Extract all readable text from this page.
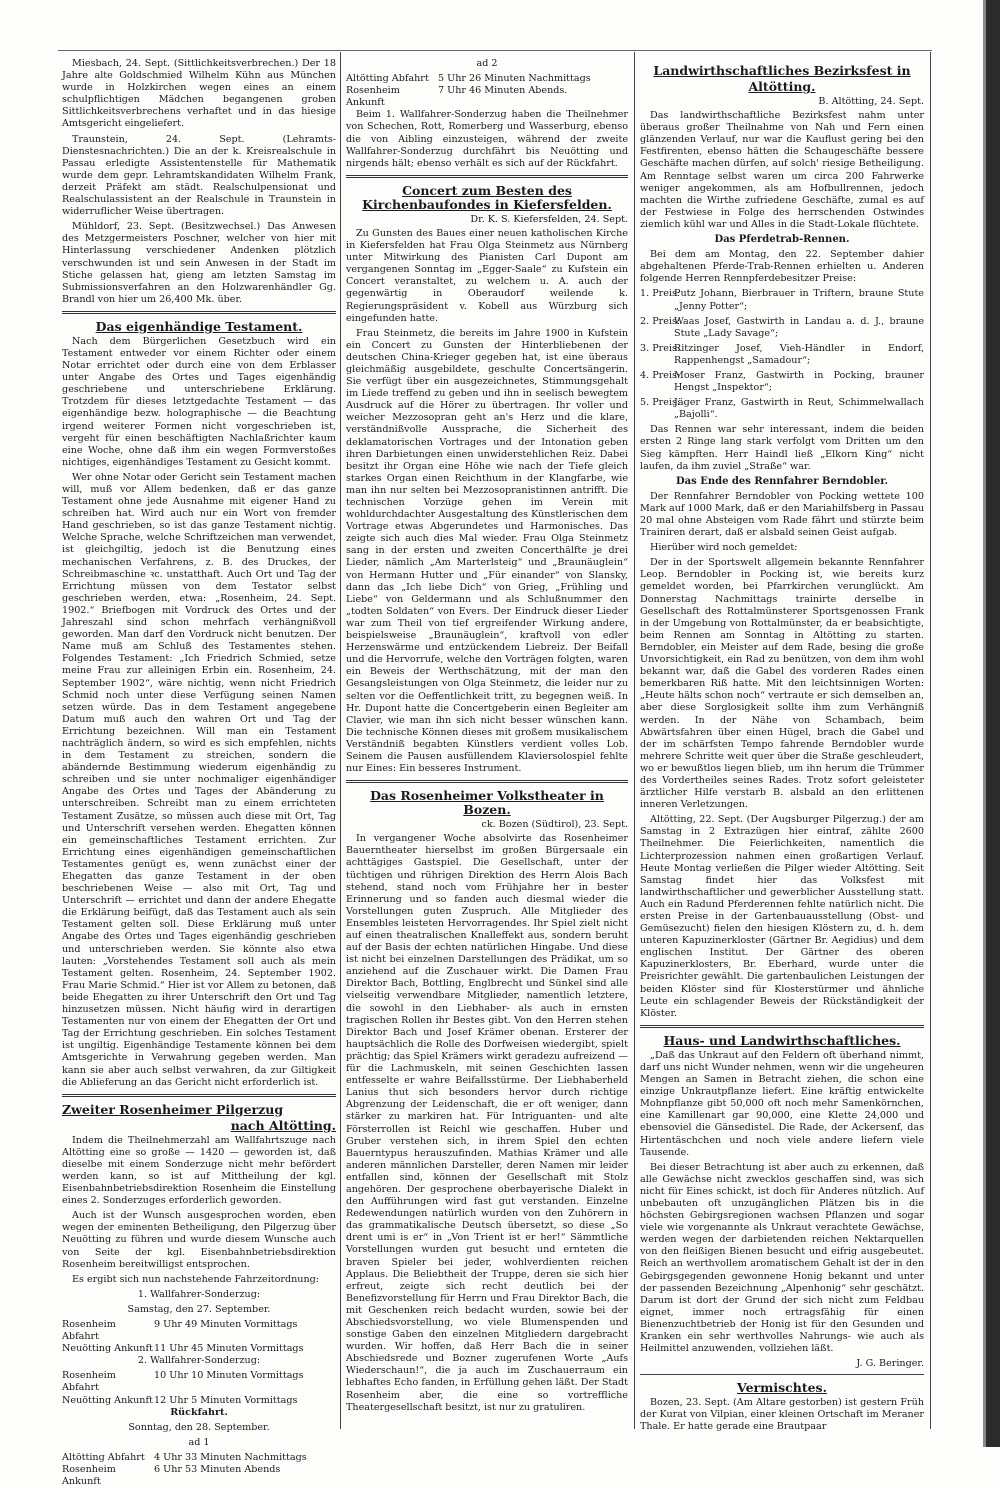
Miesbach, 24. Sept. (Sittlichkeitsverbrechen.) Der 18 Jahre alte Goldschmied Wilhelm Kühn aus München wurde in Holzkirchen wegen eines an einem schulpflichtigen Mädchen begangenen groben Sittlichkeitsverbrechens verhaftet und in das hiesige Amtsgericht eingeliefert.

Traunstein, 24. Sept. (Lehramts-Dienstesnachrichten.) Die an der k. Kreisrealschule in Passau erledigte Assistentenstelle für Mathematik wurde dem gepr. Lehramtskandidaten Wilhelm Frank, derzeit Präfekt am städt. Realschulpensionat und Realschulassistent an der Realschule in Traunstein in widerruflicher Weise übertragen.

Mühldorf, 23. Sept. (Besitzwechsel.) Das Anwesen des Metzgermeisters Poschner, welcher von hier mit Hinterlassung verschiedener Andenken plötzlich verschwunden ist und sein Anwesen in der Stadt im Stiche gelassen hat, gieng am letzten Samstag im Submissionsverfahren an den Holzwarenhändler Gg. Brandl von hier um 26,400 Mk. über.

Das eigenhändige Testament.

Nach dem Bürgerlichen Gesetzbuch wird ein Testament entweder vor einem Richter oder einem Notar errichtet oder durch eine von dem Erblasser unter Angabe des Ortes und Tages eigenhändig geschriebene und unterschriebene Erklärung. Trotzdem für dieses letztgedachte Testament — das eigenhändige bezw. holographische — die Beachtung irgend weiterer Formen nicht vorgeschrieben ist, vergeht für einen beschäftigten Nachlaßrichter kaum eine Woche, ohne daß ihm ein wegen Formverstoßes nichtiges, eigenhändiges Testament zu Gesicht kommt.

Wer ohne Notar oder Gericht sein Testament machen will, muß vor Allem bedenken, daß er das ganze Testament ohne jede Ausnahme mit eigener Hand zu schreiben hat. Wird auch nur ein Wort von fremder Hand geschrieben, so ist das ganze Testament nichtig. Welche Sprache, welche Schriftzeichen man verwendet, ist gleichgiltig, jedoch ist die Benutzung eines mechanischen Verfahrens, z. B. des Druckes, der Schreibmaschine ꝛc. unstatthaft. Auch Ort und Tag der Errichtung müssen von dem Testator selbst geschrieben werden, etwa: „Rosenheim, 24. Sept. 1902.“ Briefbogen mit Vordruck des Ortes und der Jahreszahl sind schon mehrfach verhängnißvoll geworden. Man darf den Vordruck nicht benutzen. Der Name muß am Schluß des Testamentes stehen. Folgendes Testament: „Ich Friedrich Schmied, setze meine Frau zur alleinigen Erbin ein. Rosenheim, 24. September 1902“, wäre nichtig, wenn nicht Friedrich Schmid noch unter diese Verfügung seinen Namen setzen würde. Das in dem Testament angegebene Datum muß auch den wahren Ort und Tag der Errichtung bezeichnen. Will man ein Testament nachträglich ändern, so wird es sich empfehlen, nichts in dem Testament zu streichen, sondern die abändernde Bestimmung wiederum eigenhändig zu schreiben und sie unter nochmaliger eigenhändiger Angabe des Ortes und Tages der Abänderung zu unterschreiben. Schreibt man zu einem errichteten Testament Zusätze, so müssen auch diese mit Ort, Tag und Unterschrift versehen werden. Ehegatten können ein gemeinschaftliches Testament errichten. Zur Errichtung eines eigenhändigen gemeinschaftlichen Testamentes genügt es, wenn zunächst einer der Ehegatten das ganze Testament in der oben beschriebenen Weise — also mit Ort, Tag und Unterschrift — errichtet und dann der andere Ehegatte die Erklärung beifügt, daß das Testament auch als sein Testament gelten soll. Diese Erklärung muß unter Angabe des Ortes und Tages eigenhändig geschrieben und unterschrieben werden. Sie könnte also etwa lauten: „Vorstehendes Testament soll auch als mein Testament gelten. Rosenheim, 24. September 1902. Frau Marie Schmid.“ Hier ist vor Allem zu betonen, daß beide Ehegatten zu ihrer Unterschrift den Ort und Tag hinzusetzen müssen. Nicht häufig wird in derartigen Testamenten nur von einem der Ehegatten der Ort und Tag der Errichtung geschrieben. Ein solches Testament ist ungiltig. Eigenhändige Testamente können bei dem Amtsgerichte in Verwahrung gegeben werden. Man kann sie aber auch selbst verwahren, da zur Giltigkeit die Ablieferung an das Gericht nicht erforderlich ist.

Zweiter Rosenheimer Pilgerzug
nach Altötting.

Indem die Theilnehmerzahl am Wallfahrtszuge nach Altötting eine so große — 1420 — geworden ist, daß dieselbe mit einem Sonderzuge nicht mehr befördert werden kann, so ist auf Mittheilung der kgl. Eisenbahnbetriebsdirektion Rosenheim die Einstellung eines 2. Sonderzuges erforderlich geworden.

Auch ist der Wunsch ausgesprochen worden, eben wegen der eminenten Betheiligung, den Pilgerzug über Neuötting zu führen und wurde diesem Wunsche auch von Seite der kgl. Eisenbahnbetriebsdirektion Rosenheim bereitwilligst entsprochen.

Es ergibt sich nun nachstehende Fahrzeitordnung:

1. Wallfahrer-Sonderzug:

Samstag, den 27. September.

Rosenheim Abfahrt
9 Uhr 49 Minuten Vormittags
Neuötting Ankunft 11 Uhr 45 Minuten Vormittags

2. Wallfahrer-Sonderzug:

Rosenheim Abfahrt
10 Uhr 10 Minuten Vormittags
Neuötting Ankunft 12 Uhr 5 Minuten Vormittags

Rückfahrt.

Sonntag, den 28. September.

ad 1

Altötting Abfahrt 4 Uhr 33 Minuten Nachmittags
Rosenheim Ankunft
6 Uhr 53 Minuten Abends

ad 2

Altötting Abfahrt 5 Uhr 26 Minuten Nachmittags
Rosenheim Ankunft
7 Uhr 46 Minuten Abends.

Beim 1. Wallfahrer-Sonderzug haben die Theilnehmer von Schechen, Rott, Romerberg und Wasserburg, ebenso die von Aibling einzusteigen, während der zweite Wallfahrer-Sonderzug durchfährt bis Neuötting und nirgends hält; ebenso verhält es sich auf der Rückfahrt.

Concert zum Besten des Kirchenbaufondes in Kiefersfelden.
Dr. K. S. Kiefersfelden, 24. Sept.

Zu Gunsten des Baues einer neuen katholischen Kirche in Kiefersfelden hat Frau Olga Steinmetz aus Nürnberg unter Mitwirkung des Pianisten Carl Dupont am vergangenen Sonntag im „Egger-Saale“ zu Kufstein ein Concert veranstaltet, zu welchem u. A. auch der gegenwärtig in Oberaudorf weilende k. Regierungspräsident v. Kobell aus Würzburg sich eingefunden hatte.

Frau Steinmetz, die bereits im Jahre 1900 in Kufstein ein Concert zu Gunsten der Hinterbliebenen der deutschen China-Krieger gegeben hat, ist eine überaus gleichmäßig ausgebildete, geschulte Concertsängerin. Sie verfügt über ein ausgezeichnetes, Stimmungsgehalt im Liede treffend zu geben und ihn in seelisch bewegtem Ausdruck auf die Hörer zu übertragen. Ihr voller und weicher Mezzosopran geht an's Herz und die klare, verständnißvolle Aussprache, die Sicherheit des deklamatorischen Vortrages und der Intonation geben ihren Darbietungen einen unwiderstehlichen Reiz. Dabei besitzt ihr Organ eine Höhe wie nach der Tiefe gleich starkes Organ einen Reichthum in der Klangfarbe, wie man ihn nur selten bei Mezzosopranistinnen antrifft. Die technischen Vorzüge gehen im Verein mit wohldurchdachter Ausgestaltung des Künstlerischen dem Vortrage etwas Abgerundetes und Harmonisches. Das zeigte sich auch dies Mal wieder. Frau Olga Steinmetz sang in der ersten und zweiten Concerthälfte je drei Lieder, nämlich „Am Marterlsteig“ und „Braunäuglein“ von Hermann Hutter und „Für einander“ von Slansky, dann das „Ich liebe Dich“ von Grieg, „Frühling und Liebe“ von Geldermann und als Schlußnummer den „todten Soldaten“ von Evers. Der Eindruck dieser Lieder war zum Theil von tief ergreifender Wirkung andere, beispielsweise „Braunäuglein“, kraftvoll von edler Herzenswärme und entzückendem Liebreiz. Der Beifall und die Hervorrufe, welche den Vorträgen folgten, waren ein Beweis der Werthschätzung, mit der man den Gesangsleistungen von Olga Steinmetz, die leider nur zu selten vor die Oeffentlichkeit tritt, zu begegnen weiß. In Hr. Dupont hatte die Concertgeberin einen Begleiter am Clavier, wie man ihn sich nicht besser wünschen kann. Die technische Können dieses mit großem musikalischem Verständniß begabten Künstlers verdient volles Lob. Seinem die Pausen ausfüllendem Klaviersolospiel fehlte nur Eines: Ein besseres Instrument.

Das Rosenheimer Volkstheater in Bozen.
ck. Bozen (Südtirol), 23. Sept.

In vergangener Woche absolvirte das Rosenheimer Bauerntheater hierselbst im großen Bürgersaale ein achttägiges Gastspiel. Die Gesellschaft, unter der tüchtigen und rührigen Direktion des Herrn Alois Bach stehend, stand noch vom Frühjahre her in bester Erinnerung und so fanden auch diesmal wieder die Vorstellungen guten Zuspruch. Alle Mitglieder des Ensembles leisteten Hervorragendes. Ihr Spiel zielt nicht auf einen theatralischen Knalleffekt aus, sondern beruht auf der Basis der echten natürlichen Hingabe. Und diese ist nicht bei einzelnen Darstellungen des Prädikat, um so anziehend auf die Zuschauer wirkt. Die Damen Frau Direktor Bach, Bottling, Englbrecht und Sünkel sind alle vielseitig verwendbare Mitglieder, namentlich letztere, die sowohl in den Liebhaber- als auch in ernsten tragischen Rollen ihr Bestes gibt. Von den Herren stehen Direktor Bach und Josef Krämer obenan. Ersterer der hauptsächlich die Rolle des Dorfweisen wiedergibt, spielt prächtig; das Spiel Krämers wirkt geradezu aufreizend — für die Lachmuskeln, mit seinen Geschichten lassen entfesselte er wahre Beifallsstürme. Der Liebhaberheld Lanius thut sich besonders hervor durch richtige Abgrenzung der Leidenschaft, die er oft weniger, dann stärker zu markiren hat. Für Intriguanten- und alte Försterrollen ist Reichl wie geschaffen. Huber und Gruber verstehen sich, in ihrem Spiel den echten Bauerntypus herauszufinden. Mathias Krämer und alle anderen männlichen Darsteller, deren Namen mir leider entfallen sind, können der Gesellschaft mit Stolz angehören. Der gesprochene oberbayerische Dialekt in den Aufführungen wird fast gut verstanden. Einzelne Redewendungen natürlich wurden von den Zuhörern in das grammatikalische Deutsch übersetzt, so diese „So drent umi is er“ in „Von Trient ist er her!“ Sämmtliche Vorstellungen wurden gut besucht und ernteten die braven Spieler bei jeder, wohlverdienten reichen Applaus. Die Beliebtheit der Truppe, deren sie sich hier erfreut, zeigte sich recht deutlich bei der Benefizvorstellung für Herrn und Frau Direktor Bach, die mit Geschenken reich bedacht wurden, sowie bei der Abschiedsvorstellung, wo viele Blumenspenden und sonstige Gaben den einzelnen Mitgliedern dargebracht wurden. Wir hoffen, daß Herr Bach die in seiner Abschiedsrede und Bozner zugerufenen Worte „Aufs Wiederschaun!“, die ja auch im Zuschauerraum ein lebhaftes Echo fanden, in Erfüllung gehen läßt. Der Stadt Rosenheim aber, die eine so vortreffliche Theatergesellschaft besitzt, ist nur zu gratuliren.

Landwirthschaftliches Bezirksfest in
Altötting.
B. Altötting, 24. Sept.

Das landwirthschaftliche Bezirksfest nahm unter überaus großer Theilnahme von Nah und Fern einen glänzenden Verlauf, nur war die Kauflust gering bei den Festfirenten, ebenso hätten die Schaugeschäfte bessere Geschäfte machen dürfen, auf solch' riesige Betheiligung. Am Renntage selbst waren um circa 200 Fahrwerke weniger angekommen, als am Hofbullrennen, jedoch machten die Wirthe zufriedene Geschäfte, zumal es auf der Festwiese in Folge des herrschenden Ostwindes ziemlich kühl war und Alles in die Stadt-Lokale flüchtete.

Das Pferdetrab-Rennen.

Bei dem am Montag, den 22. September dahier abgehaltenen Pferde-Trab-Rennen erhielten u. Anderen folgende Herren Rennpferdebesitzer Preise:

1. Preis:
Putz Johann, Bierbrauer in Triftern, braune Stute „Jenny Potter“;

2. Preis:
Waas Josef, Gastwirth in Landau a. d. J., braune Stute „Lady Savage“;

3. Preis:
Ritzinger Josef, Vieh-Händler in Endorf, Rappenhengst „Samadour“;

4. Preis:
Moser Franz, Gastwirth in Pocking, brauner Hengst „Inspektor“;

5. Preis:
Jäger Franz, Gastwirth in Reut, Schimmelwallach „Bajolli“.

Das Rennen war sehr interessant, indem die beiden ersten 2 Ringe lang stark verfolgt vom Dritten um den Sieg kämpften. Herr Haindl ließ „Elkorn King“ nicht laufen, da ihm zuviel „Straße“ war.

Das Ende des Rennfahrer Berndobler.

Der Rennfahrer Berndobler von Pocking wettete 100 Mark auf 1000 Mark, daß er den Mariahilfsberg in Passau 20 mal ohne Absteigen vom Rade fährt und stürzte beim Trainiren derart, daß er alsbald seinen Geist aufgab.

Hierüber wird noch gemeldet:

Der in der Sportswelt allgemein bekannte Rennfahrer Leop. Berndobler in Pocking ist, wie bereits kurz gemeldet worden, bei Pfarrkirchen verunglückt. Am Donnerstag Nachmittags trainirte derselbe in Gesellschaft des Rottalmünsterer Sportsgenossen Frank in der Umgebung von Rottalmünster, da er beabsichtigte, beim Rennen am Sonntag in Altötting zu starten. Berndobler, ein Meister auf dem Rade, besing die große Unvorsichtigkeit, ein Rad zu benützen, von dem ihm wohl bekannt war, daß die Gabel des vorderen Rades einen bemerkbaren Riß hatte. Mit den leichtsinnigen Worten: „Heute hälts schon noch“ vertraute er sich demselben an, aber diese Sorglosigkeit sollte ihm zum Verhängniß werden. In der Nähe von Schambach, beim Abwärtsfahren über einen Hügel, brach die Gabel und der im schärfsten Tempo fahrende Berndobler wurde mehrere Schritte weit quer über die Straße geschleudert, wo er bewußtlos liegen blieb, um ihn herum die Trümmer des Vordertheiles seines Rades. Trotz sofort geleisteter ärztlicher Hilfe verstarb B. alsbald an den erlittenen inneren Verletzungen.

Altötting, 22. Sept. (Der Augsburger Pilgerzug.) der am Samstag in 2 Extrazügen hier eintraf, zählte 2600 Theilnehmer. Die Feierlichkeiten, namentlich die Lichterprozession nahmen einen großartigen Verlauf. Heute Montag verließen die Pilger wieder Altötting. Seit Samstag findet hier das Volksfest mit landwirthschaftlicher und gewerblicher Ausstellung statt. Auch ein Radund Pferderennen fehlte natürlich nicht. Die ersten Preise in der Gartenbauausstellung (Obst- und Gemüsezucht) fielen den hiesigen Klöstern zu, d. h. dem unteren Kapuzinerkloster (Gärtner Br. Aegidius) und dem englischen Institut. Der Gärtner des oberen Kapuzinerklosters, Br. Eberhard, wurde unter die Preisrichter gewählt. Die gartenbaulichen Leistungen der beiden Klöster sind für Klosterstürmer und ähnliche Leute ein schlagender Beweis der Rückständigkeit der Klöster.

Haus- und Landwirthschaftliches.

„Daß das Unkraut auf den Feldern oft überhand nimmt, darf uns nicht Wunder nehmen, wenn wir die ungeheuren Mengen an Samen in Betracht ziehen, die schon eine einzige Unkrautpflanze liefert. Eine kräftig entwickelte Mohnpflanze gibt 50,000 oft noch mehr Samenkörnchen, eine Kamillenart gar 90,000, eine Klette 24,000 und ebensoviel die Gänsedistel. Die Rade, der Ackersenf, das Hirtentäschchen und noch viele andere liefern viele Tausende.

Bei dieser Betrachtung ist aber auch zu erkennen, daß alle Gewächse nicht zwecklos geschaffen sind, was sich nicht für Eines schickt, ist doch für Anderes nützlich. Auf unbebauten oft unzugänglichen Plätzen bis in die höchsten Gebirgsregionen wachsen Pflanzen und sogar viele wie vorgenannte als Unkraut verachtete Gewächse, werden wegen der darbietenden reichen Nektarquellen von den fleißigen Bienen besucht und eifrig ausgebeutet. Reich an werthvollem aromatischem Gehalt ist der in den Gebirgsgegenden gewonnene Honig bekannt und unter der passenden Bezeichnung „Alpenhonig“ sehr geschätzt. Darum ist dort der Grund der sich nicht zum Feldbau eignet, immer noch ertragsfähig für einen Bienenzuchtbetrieb der Honig ist für den Gesunden und Kranken ein sehr werthvolles Nahrungs- wie auch als Heilmittel anzuwenden, vollziehen läßt.

J. G. Beringer.

Vermischtes.

Bozen, 23. Sept. (Am Altare gestorben) ist gestern Früh der Kurat von Vilpian, einer kleinen Ortschaft im Meraner Thale. Er hatte gerade eine Brautpaar
